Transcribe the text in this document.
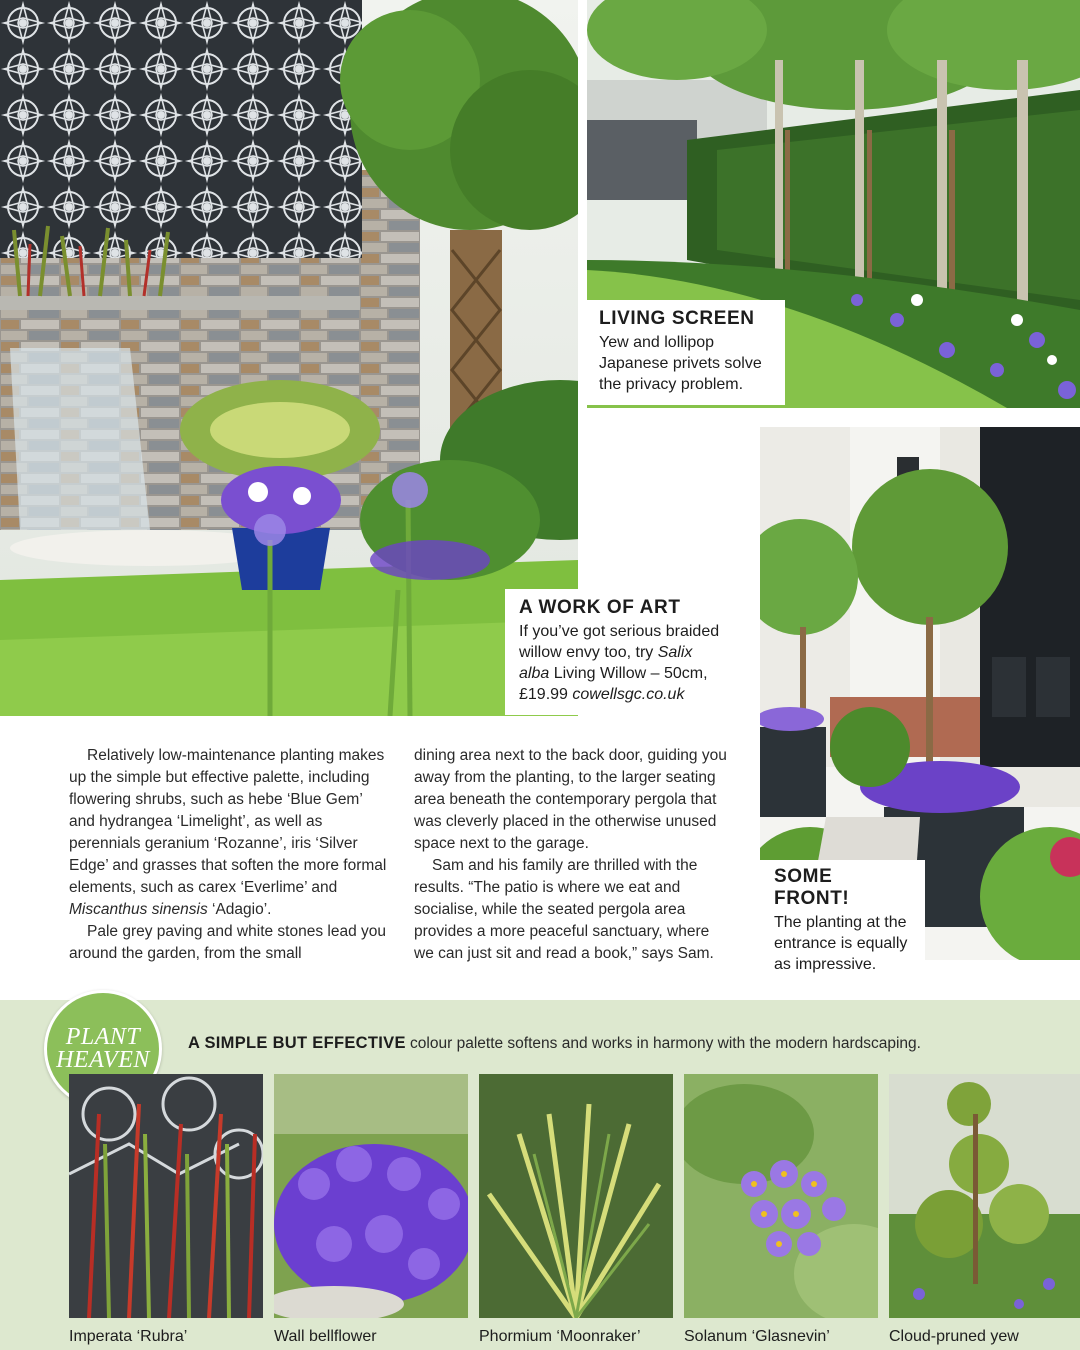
LIVING SCREEN

Yew and lollipop
Japanese privets solve
the privacy problem.

A WORK OF ART

If you’ve got serious braided
willow envy too, try Salix
alba Living Willow – 50cm,
£19.99 cowellsgc.co.uk

SOME FRONT!

The planting at the
entrance is equally
as impressive.

Relatively low-maintenance planting makes up the simple but effective palette, including flowering shrubs, such as hebe ‘Blue Gem’ and hydrangea ‘Limelight’, as well as perennials geranium ‘Rozanne’, iris ‘Silver Edge’ and grasses that soften the more formal elements, such as carex ‘Everlime’ and Miscanthus sinensis ‘Adagio’.

Pale grey paving and white stones lead you around the garden, from the small

dining area next to the back door, guiding you away from the planting, to the larger seating area beneath the contemporary pergola that was cleverly placed in the otherwise unused space next to the garage.

Sam and his family are thrilled with the results. “The patio is where we eat and socialise, while the seated pergola area provides a more peaceful sanctuary, where we can just sit and read a book,” says Sam.

PLANT
HEAVEN
A SIMPLE BUT EFFECTIVE colour palette softens and works in harmony with the modern hardscaping.
Imperata ‘Rubra’	Wall bellflower	Phormium ‘Moonraker’	Solanum ‘Glasnevin’	Cloud-pruned yew
